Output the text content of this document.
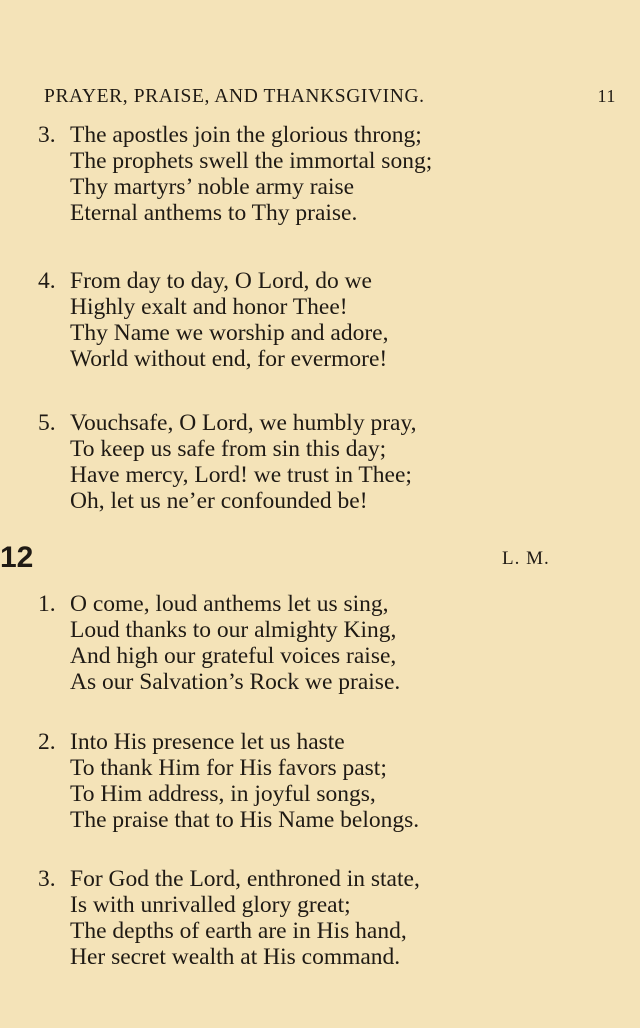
PRAYER, PRAISE, AND THANKSGIVING.	11
3. The apostles join the glorious throng;
The prophets swell the immortal song;
Thy martyrs’ noble army raise
Eternal anthems to Thy praise.
4. From day to day, O Lord, do we
Highly exalt and honor Thee!
Thy Name we worship and adore,
World without end, for evermore!
5. Vouchsafe, O Lord, we humbly pray,
To keep us safe from sin this day;
Have mercy, Lord! we trust in Thee;
Oh, let us ne’er confounded be!
12	L. M.
1. O come, loud anthems let us sing,
Loud thanks to our almighty King,
And high our grateful voices raise,
As our Salvation’s Rock we praise.
2. Into His presence let us haste
To thank Him for His favors past;
To Him address, in joyful songs,
The praise that to His Name belongs.
3. For God the Lord, enthroned in state,
Is with unrivalled glory great;
The depths of earth are in His hand,
Her secret wealth at His command.
